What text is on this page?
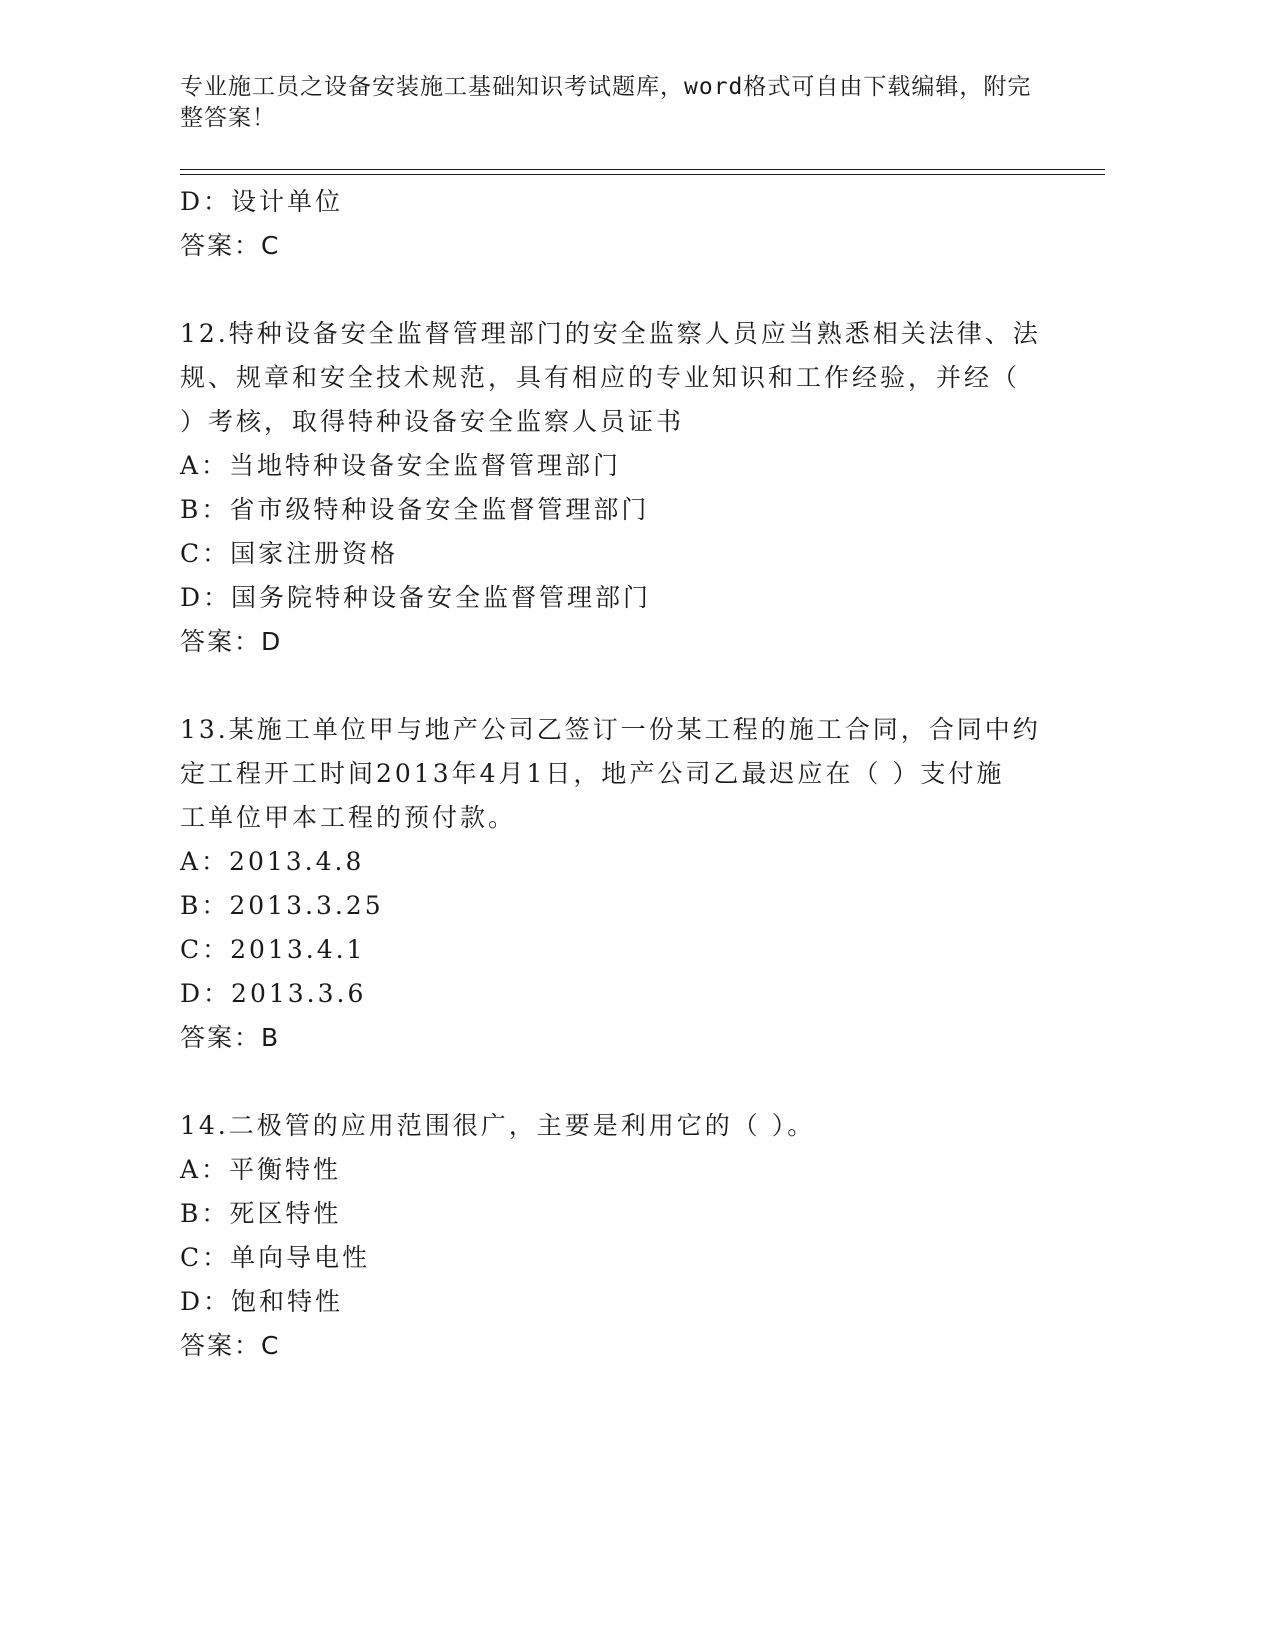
专业施工员之设备安装施工基础知识考试题库，word格式可自由下载编辑，附完
整答案！
D：设计单位
答案：C
12.特种设备安全监督管理部门的安全监察人员应当熟悉相关法律、法
规、规章和安全技术规范，具有相应的专业知识和工作经验，并经（
）考核，取得特种设备安全监察人员证书
A：当地特种设备安全监督管理部门
B：省市级特种设备安全监督管理部门
C：国家注册资格
D：国务院特种设备安全监督管理部门
答案：D
13.某施工单位甲与地产公司乙签订一份某工程的施工合同，合同中约
定工程开工时间2013年4月1日，地产公司乙最迟应在（ ）支付施
工单位甲本工程的预付款。
A：2013.4.8
B：2013.3.25
C：2013.4.1
D：2013.3.6
答案：B
14.二极管的应用范围很广，主要是利用它的（ ）。
A：平衡特性
B：死区特性
C：单向导电性
D：饱和特性
答案：C
